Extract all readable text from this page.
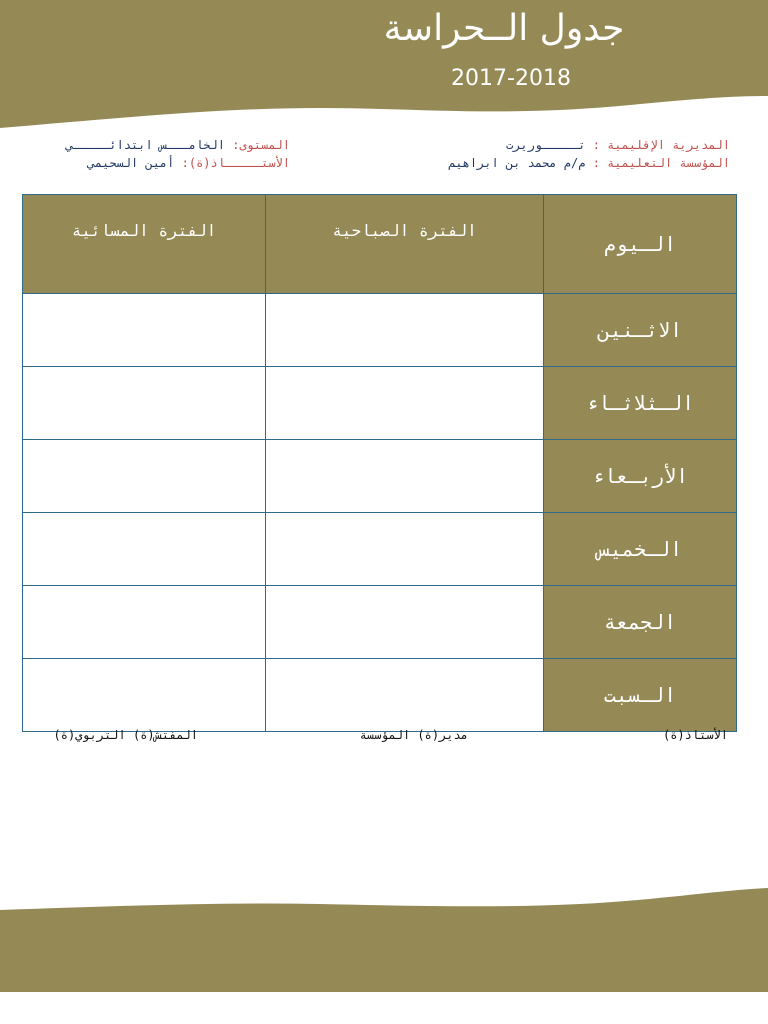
جدول الــحراسة
2017-2018
المديرية الإقليمية : تـــــوريرت
المؤسسة التعليمية : م/م محمد بن ابراهيم
المستوى: الخامـــس ابتدائـــــي
الأستـــــاذ(ة): أمين السحيمي
الفترة المسائية	الفترة الصباحية	الـيوم
		الاثـنين
		الـثلاثـاء
		الأربـعاء
		الـخميس
		الجمعة
		الـسبت
الأستاذ(ة)
مدير(ة) المؤسسة
المفتش(ة) التربوي(ة)
